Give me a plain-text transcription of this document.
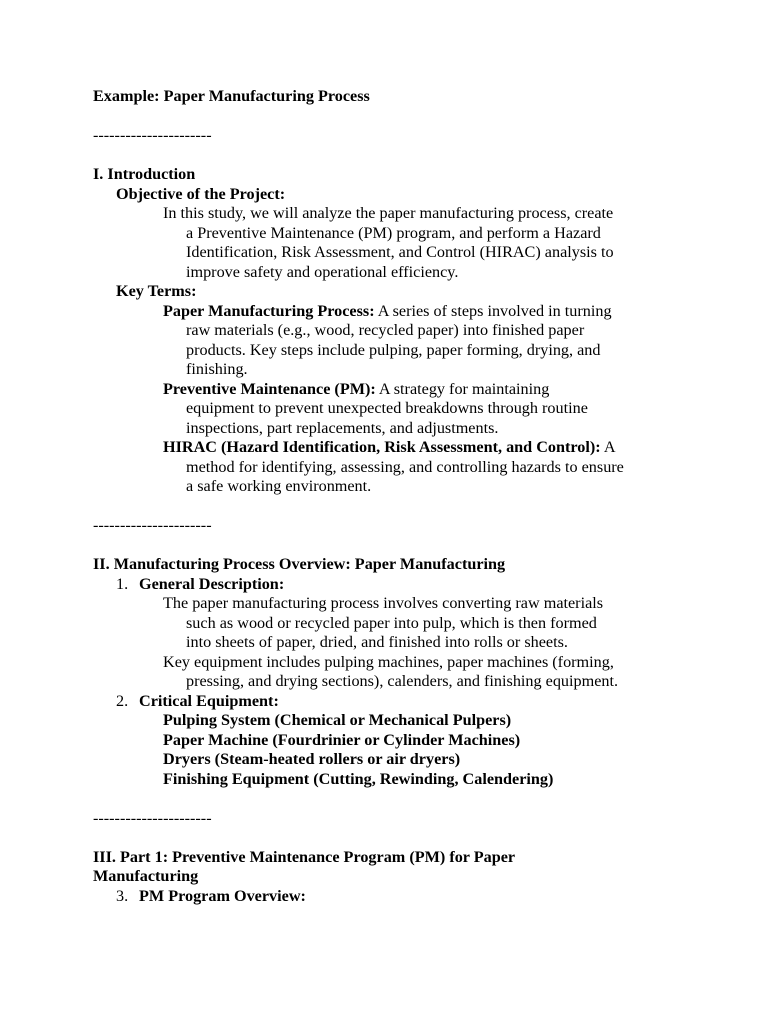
Example: Paper Manufacturing Process
----------------------
I. Introduction
Objective of the Project:
In this study, we will analyze the paper manufacturing process, create
a Preventive Maintenance (PM) program, and perform a Hazard
Identification, Risk Assessment, and Control (HIRAC) analysis to
improve safety and operational efficiency.
Key Terms:
Paper Manufacturing Process: A series of steps involved in turning
raw materials (e.g., wood, recycled paper) into finished paper
products. Key steps include pulping, paper forming, drying, and
finishing.
Preventive Maintenance (PM): A strategy for maintaining
equipment to prevent unexpected breakdowns through routine
inspections, part replacements, and adjustments.
HIRAC (Hazard Identification, Risk Assessment, and Control): A
method for identifying, assessing, and controlling hazards to ensure
a safe working environment.
----------------------
II. Manufacturing Process Overview: Paper Manufacturing
1. General Description:
The paper manufacturing process involves converting raw materials
such as wood or recycled paper into pulp, which is then formed
into sheets of paper, dried, and finished into rolls or sheets.
Key equipment includes pulping machines, paper machines (forming,
pressing, and drying sections), calenders, and finishing equipment.
2. Critical Equipment:
Pulping System (Chemical or Mechanical Pulpers)
Paper Machine (Fourdrinier or Cylinder Machines)
Dryers (Steam-heated rollers or air dryers)
Finishing Equipment (Cutting, Rewinding, Calendering)
----------------------
III. Part 1: Preventive Maintenance Program (PM) for Paper
Manufacturing
3. PM Program Overview:
